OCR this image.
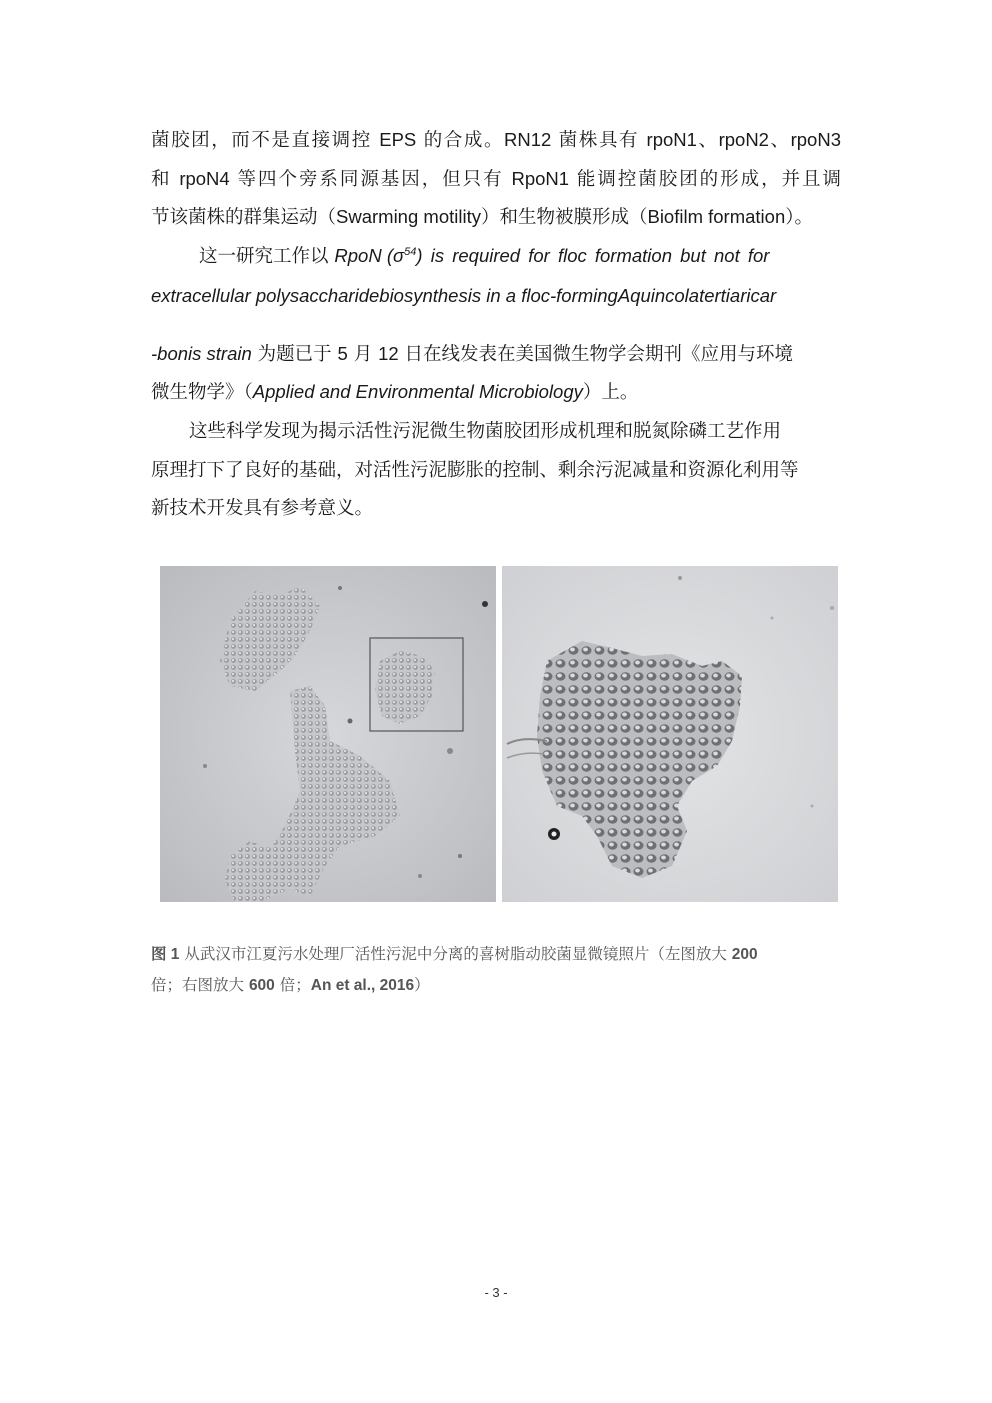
菌胶团，而不是直接调控 EPS 的合成。RN12 菌株具有 rpoN1、rpoN2、rpoN3
和 rpoN4 等四个旁系同源基因，但只有 RpoN1 能调控菌胶团的形成，并且调
节该菌株的群集运动（Swarming motility）和生物被膜形成（Biofilm formation）。
这一研究工作以 RpoN $(\sigma^{54})$ is required for floc formation but not for
extracellular polysaccharidebiosynthesis in a floc-formingAquincolatertiaricar
-bonis strain 为题已于 5 月 12 日在线发表在美国微生物学会期刊《应用与环境
微生物学》（Applied and Environmental Microbiology）上。
这些科学发现为揭示活性污泥微生物菌胶团形成机理和脱氮除磷工艺作用
原理打下了良好的基础，对活性污泥膨胀的控制、剩余污泥减量和资源化利用等
新技术开发具有参考意义。
图 1 从武汉市江夏污水处理厂活性污泥中分离的喜树脂动胶菌显微镜照片（左图放大 200
倍；右图放大 600 倍；An et al., 2016）
- 3 -
